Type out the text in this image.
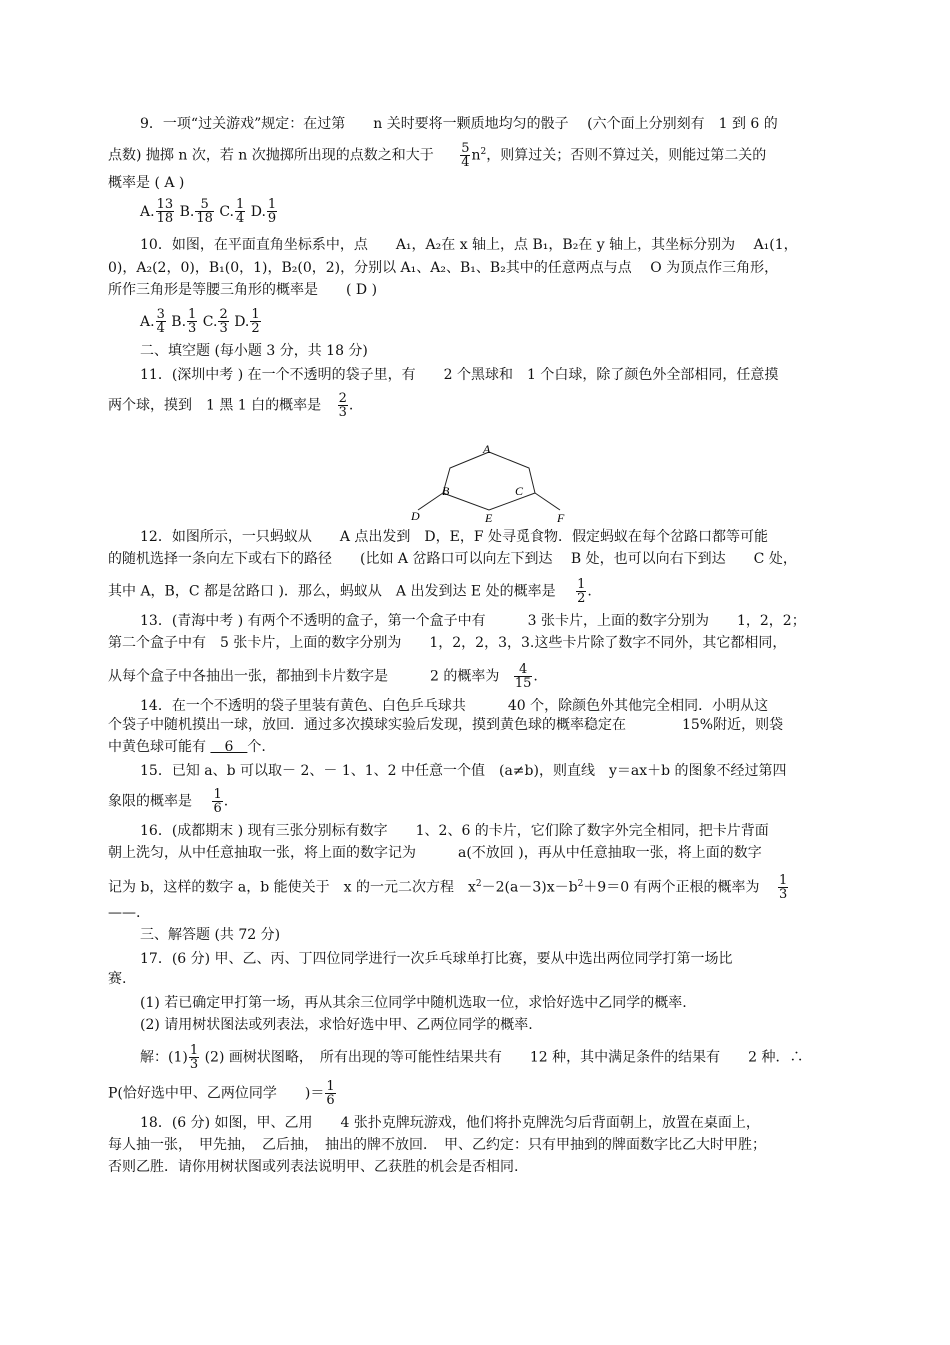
9．一项“过关游戏”规定：在过第　　n 关时要将一颗质地均匀的骰子　 (六个面上分别刻有　1 到 6 的
点数) 抛掷 n 次，若 n 次抛掷所出现的点数之和大于 $\frac{5}{4} n^2$，则算过关；否则不算过关，则能过第二关的
概率是 ( A )
A. $\frac{13}{18} B$. $\frac{5}{18} C$. $\frac{1}{4} D$. $\frac{1}{9}$
10．如图，在平面直角坐标系中，点　　A₁，A₂在 x 轴上，点 B₁，B₂在 y 轴上，其坐标分别为　 A₁(1，
0)，A₂(2，0)，B₁(0，1)，B₂(0，2)，分别以 A₁、A₂、B₁、B₂其中的任意两点与点　 O 为顶点作三角形，
所作三角形是等腰三角形的概率是　　( D )
A. $\frac{3}{4} B$. $\frac{1}{3} C$. $\frac{2}{3} D$. $\frac{1}{2}$
二、填空题 (每小题 3 分，共 18 分)
11．(深圳中考 ) 在一个不透明的袋子里，有　　2 个黑球和　1 个白球，除了颜色外全部相同，任意摸
两个球，摸到　1 黑 1 白的概率是 $\frac{2}{3}$ .
A
B	C
D	E	F
12．如图所示，一只蚂蚁从　　A 点出发到　D，E，F 处寻觅食物．假定蚂蚁在每个岔路口都等可能
的随机选择一条向左下或右下的路径　　(比如 A 岔路口可以向左下到达　 B 处，也可以向右下到达　　C 处，
其中 A，B，C 都是岔路口 )．那么，蚂蚁从　A 出发到达 E 处的概率是 $\frac{1}{2}$ .
13．(青海中考 ) 有两个不透明的盒子，第一个盒子中有　　　3 张卡片，上面的数字分别为　　1，2，2；
第二个盒子中有　5 张卡片，上面的数字分别为　　1，2，2，3，3.这些卡片除了数字不同外，其它都相同，
从每个盒子中各抽出一张，都抽到卡片数字是　　　2 的概率为 $\frac{4}{15}$ .
14．在一个不透明的袋子里装有黄色、白色乒乓球共　　　40 个，除颜色外其他完全相同．小明从这
个袋子中随机摸出一球，放回．通过多次摸球实验后发现，摸到黄色球的概率稳定在　　　　15%附近，则袋
中黄色球可能有 　6　个.
15．已知 a、b 可以取－ 2、－ 1、1、2 中任意一个值　(a≠b)，则直线　y＝ax＋b 的图象不经过第四
象限的概率是 $\frac{1}{6}$ .
16．(成都期末 ) 现有三张分别标有数字　　1、2、6 的卡片，它们除了数字外完全相同，把卡片背面
朝上洗匀，从中任意抽取一张，将上面的数字记为　　　a(不放回 )，再从中任意抽取一张，将上面的数字
记为 b，这样的数字 a，b 能使关于　x 的一元二次方程　$x^2-2(a-3)x-b^2+9=0$ 有两个正根的概率为 $\frac{1}{3}$
——.
三、解答题 (共 72 分)
17．(6 分) 甲、乙、丙、丁四位同学进行一次乒乓球单打比赛，要从中选出两位同学打第一场比
赛.
(1) 若已确定甲打第一场，再从其余三位同学中随机选取一位，求恰好选中乙同学的概率.
(2) 请用树状图法或列表法，求恰好选中甲、乙两位同学的概率.
解：$(1) \frac{1}{3} (2)$ 画树状图略，　所有出现的等可能性结果共有　　12 种，其中满足条件的结果有　　2 种．∴
P(恰好选中甲、乙两位同学　　)＝ $\frac{1}{6}$
18．(6 分) 如图，甲、乙用　　4 张扑克牌玩游戏，他们将扑克牌洗匀后背面朝上，放置在桌面上，
每人抽一张，　甲先抽，　乙后抽，　抽出的牌不放回．　甲、乙约定：只有甲抽到的牌面数字比乙大时甲胜；
否则乙胜．请你用树状图或列表法说明甲、乙获胜的机会是否相同.
